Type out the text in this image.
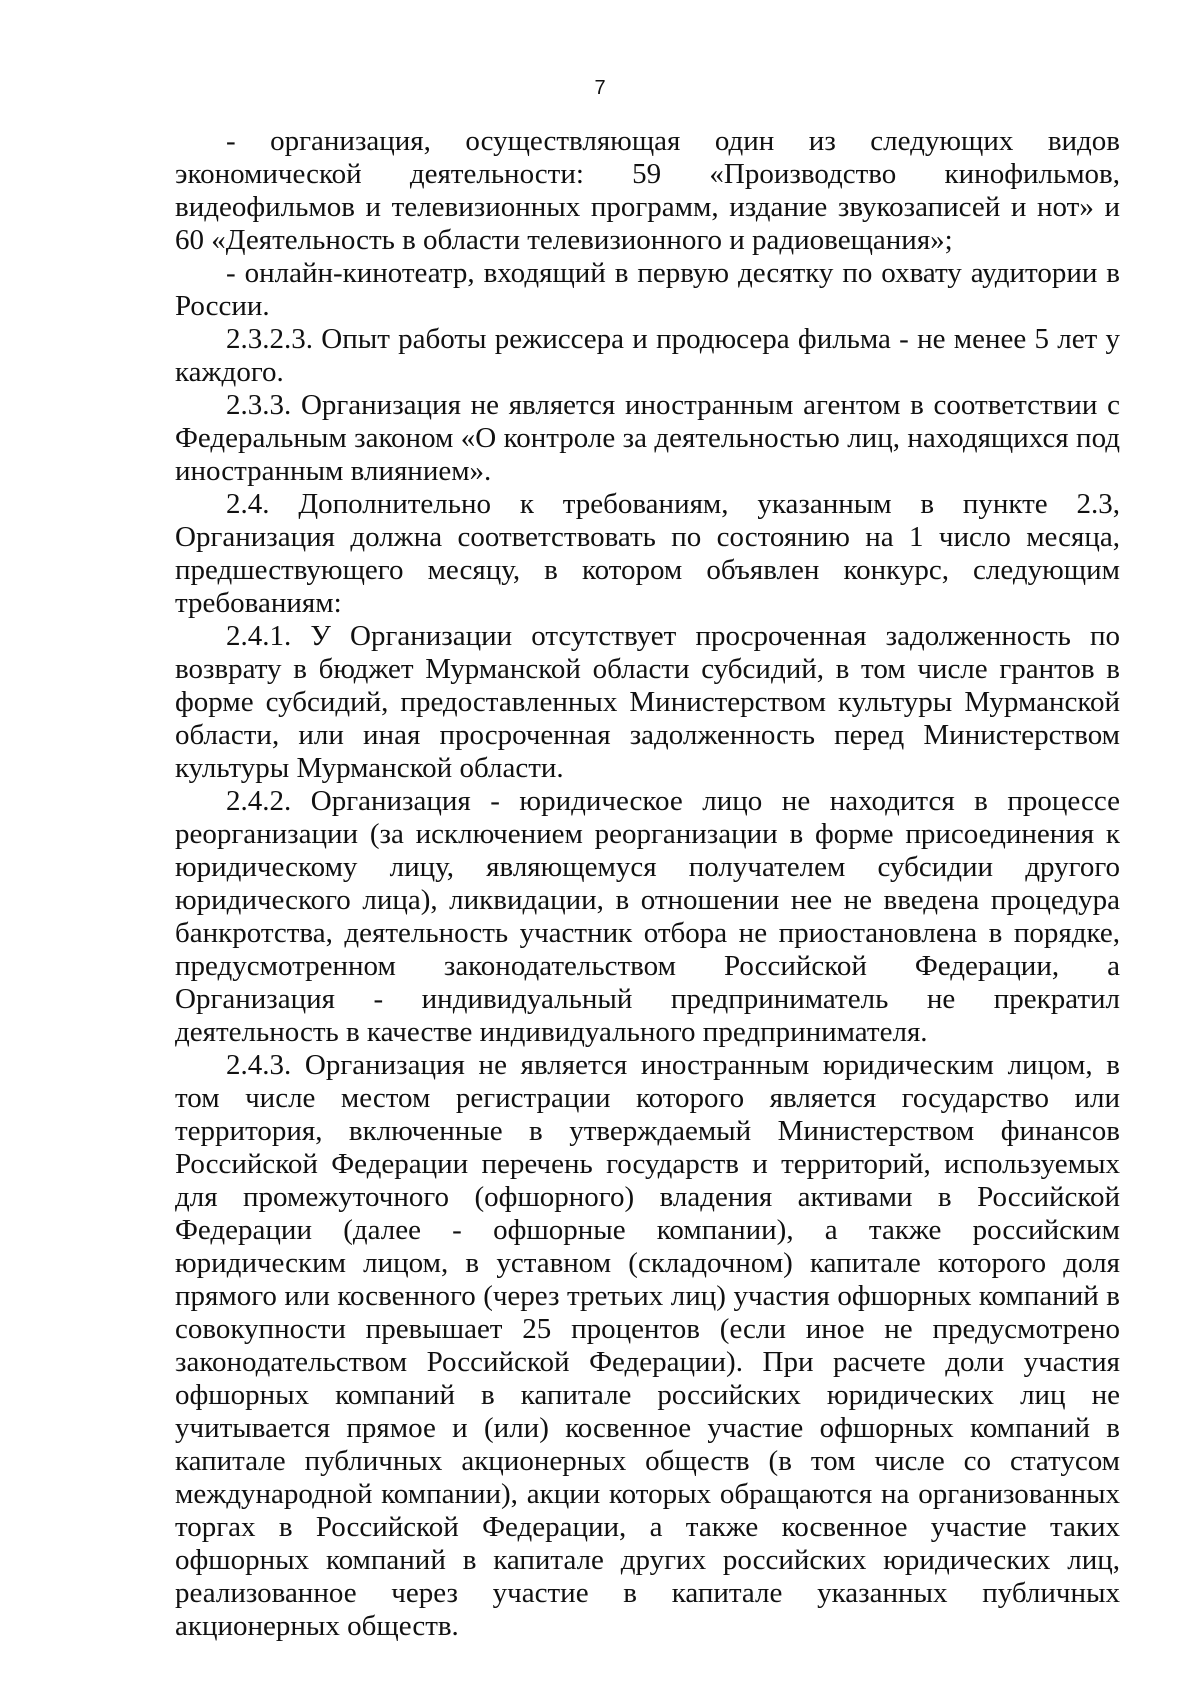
7

- организация, осуществляющая один из следующих видов экономической деятельности: 59 «Производство кинофильмов, видеофильмов и телевизионных программ, издание звукозаписей и нот» и 60 «Деятельность в области телевизионного и радиовещания»;

- онлайн-кинотеатр, входящий в первую десятку по охвату аудитории в России.

2.3.2.3. Опыт работы режиссера и продюсера фильма - не менее 5 лет у каждого.

2.3.3. Организация не является иностранным агентом в соответствии с Федеральным законом «О контроле за деятельностью лиц, находящихся под иностранным влиянием».

2.4. Дополнительно к требованиям, указанным в пункте 2.3, Организация должна соответствовать по состоянию на 1 число месяца, предшествующего месяцу, в котором объявлен конкурс, следующим требованиям:

2.4.1. У Организации отсутствует просроченная задолженность по возврату в бюджет Мурманской области субсидий, в том числе грантов в форме субсидий, предоставленных Министерством культуры Мурманской области, или иная просроченная задолженность перед Министерством культуры Мурманской области.

2.4.2. Организация - юридическое лицо не находится в процессе реорганизации (за исключением реорганизации в форме присоединения к юридическому лицу, являющемуся получателем субсидии другого юридического лица), ликвидации, в отношении нее не введена процедура банкротства, деятельность участник отбора не приостановлена в порядке, предусмотренном законодательством Российской Федерации, а Организация - индивидуальный предприниматель не прекратил деятельность в качестве индивидуального предпринимателя.

2.4.3. Организация не является иностранным юридическим лицом, в том числе местом регистрации которого является государство или территория, включенные в утверждаемый Министерством финансов Российской Федерации перечень государств и территорий, используемых для промежуточного (офшорного) владения активами в Российской Федерации (далее - офшорные компании), а также российским юридическим лицом, в уставном (складочном) капитале которого доля прямого или косвенного (через третьих лиц) участия офшорных компаний в совокупности превышает 25 процентов (если иное не предусмотрено законодательством Российской Федерации). При расчете доли участия офшорных компаний в капитале российских юридических лиц не учитывается прямое и (или) косвенное участие офшорных компаний в капитале публичных акционерных обществ (в том числе со статусом международной компании), акции которых обращаются на организованных торгах в Российской Федерации, а также косвенное участие таких офшорных компаний в капитале других российских юридических лиц, реализованное через участие в капитале указанных публичных акционерных обществ.
